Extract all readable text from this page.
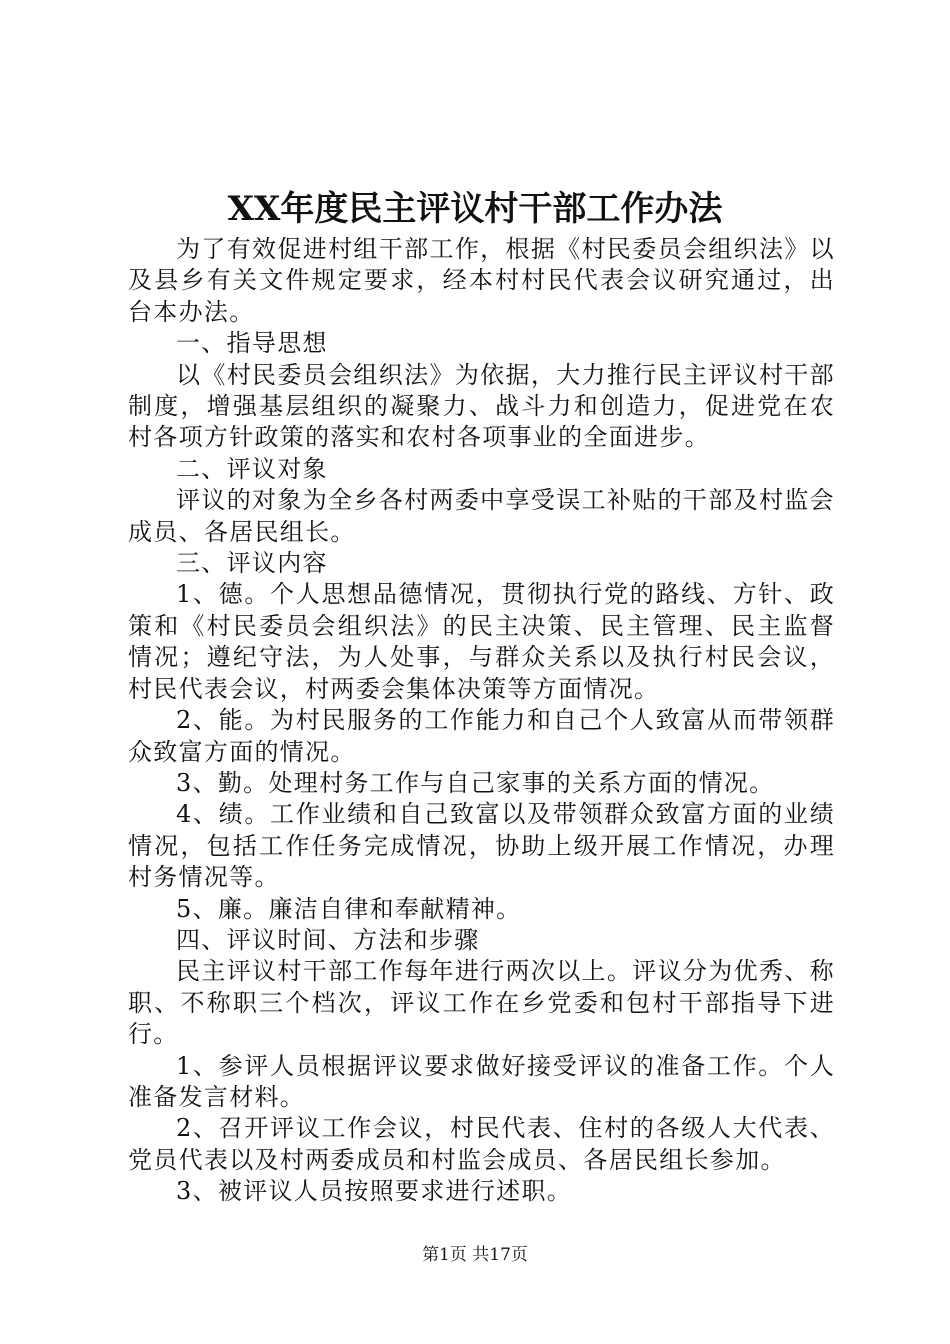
XX年度民主评议村干部工作办法

为了有效促进村组干部工作，根据《村民委员会组织法》以及县乡有关文件规定要求，经本村村民代表会议研究通过，出台本办法。

一、指导思想

以《村民委员会组织法》为依据，大力推行民主评议村干部制度，增强基层组织的凝聚力、战斗力和创造力，促进党在农村各项方针政策的落实和农村各项事业的全面进步。

二、评议对象

评议的对象为全乡各村两委中享受误工补贴的干部及村监会成员、各居民组长。

三、评议内容

1、德。个人思想品德情况，贯彻执行党的路线、方针、政策和《村民委员会组织法》的民主决策、民主管理、民主监督情况；遵纪守法，为人处事，与群众关系以及执行村民会议，村民代表会议，村两委会集体决策等方面情况。

2、能。为村民服务的工作能力和自己个人致富从而带领群众致富方面的情况。

3、勤。处理村务工作与自己家事的关系方面的情况。

4、绩。工作业绩和自己致富以及带领群众致富方面的业绩情况，包括工作任务完成情况，协助上级开展工作情况，办理村务情况等。

5、廉。廉洁自律和奉献精神。

四、评议时间、方法和步骤

民主评议村干部工作每年进行两次以上。评议分为优秀、称职、不称职三个档次，评议工作在乡党委和包村干部指导下进行。

1、参评人员根据评议要求做好接受评议的准备工作。个人准备发言材料。

2、召开评议工作会议，村民代表、住村的各级人大代表、党员代表以及村两委成员和村监会成员、各居民组长参加。

3、被评议人员按照要求进行述职。

第1页 共17页
